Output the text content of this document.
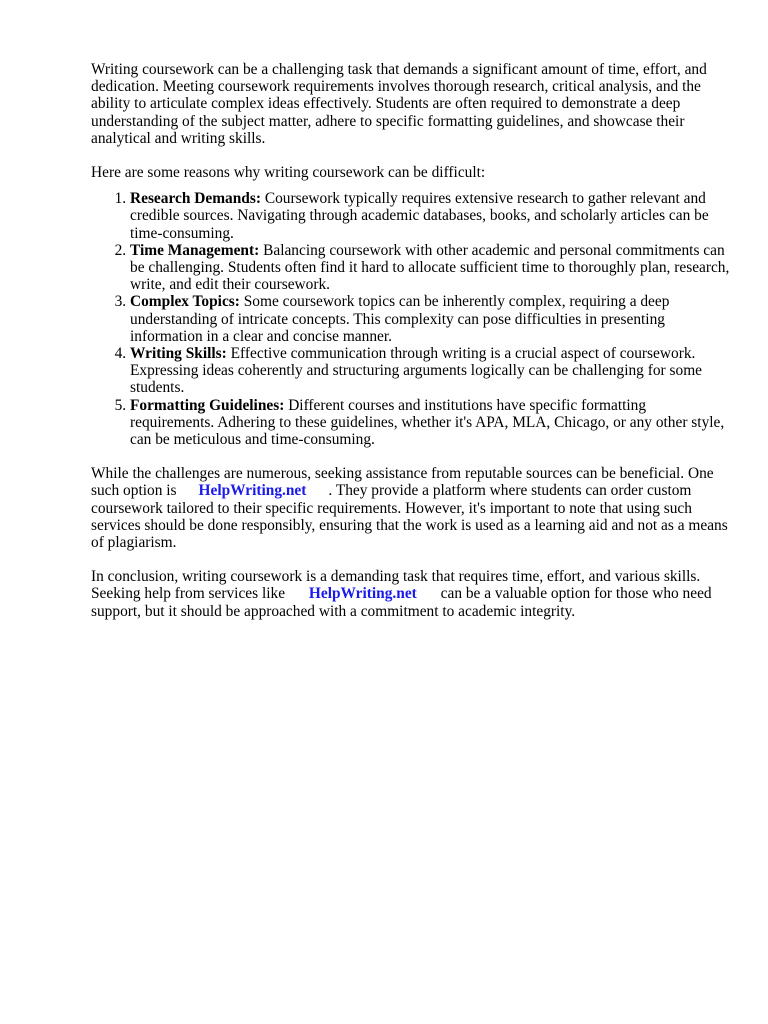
Writing coursework can be a challenging task that demands a significant amount of time, effort, and dedication. Meeting coursework requirements involves thorough research, critical analysis, and the ability to articulate complex ideas effectively. Students are often required to demonstrate a deep understanding of the subject matter, adhere to specific formatting guidelines, and showcase their analytical and writing skills.

Here are some reasons why writing coursework can be difficult:

1. Research Demands: Coursework typically requires extensive research to gather relevant and credible sources. Navigating through academic databases, books, and scholarly articles can be time-consuming.
2. Time Management: Balancing coursework with other academic and personal commitments can be challenging. Students often find it hard to allocate sufficient time to thoroughly plan, research, write, and edit their coursework.
3. Complex Topics: Some coursework topics can be inherently complex, requiring a deep understanding of intricate concepts. This complexity can pose difficulties in presenting information in a clear and concise manner.
4. Writing Skills: Effective communication through writing is a crucial aspect of coursework. Expressing ideas coherently and structuring arguments logically can be challenging for some students.
5. Formatting Guidelines: Different courses and institutions have specific formatting requirements. Adhering to these guidelines, whether it's APA, MLA, Chicago, or any other style, can be meticulous and time-consuming.

While the challenges are numerous, seeking assistance from reputable sources can be beneficial. One such option is HelpWriting.net . They provide a platform where students can order custom coursework tailored to their specific requirements. However, it's important to note that using such services should be done responsibly, ensuring that the work is used as a learning aid and not as a means of plagiarism.

In conclusion, writing coursework is a demanding task that requires time, effort, and various skills. Seeking help from services like HelpWriting.net can be a valuable option for those who need support, but it should be approached with a commitment to academic integrity.
